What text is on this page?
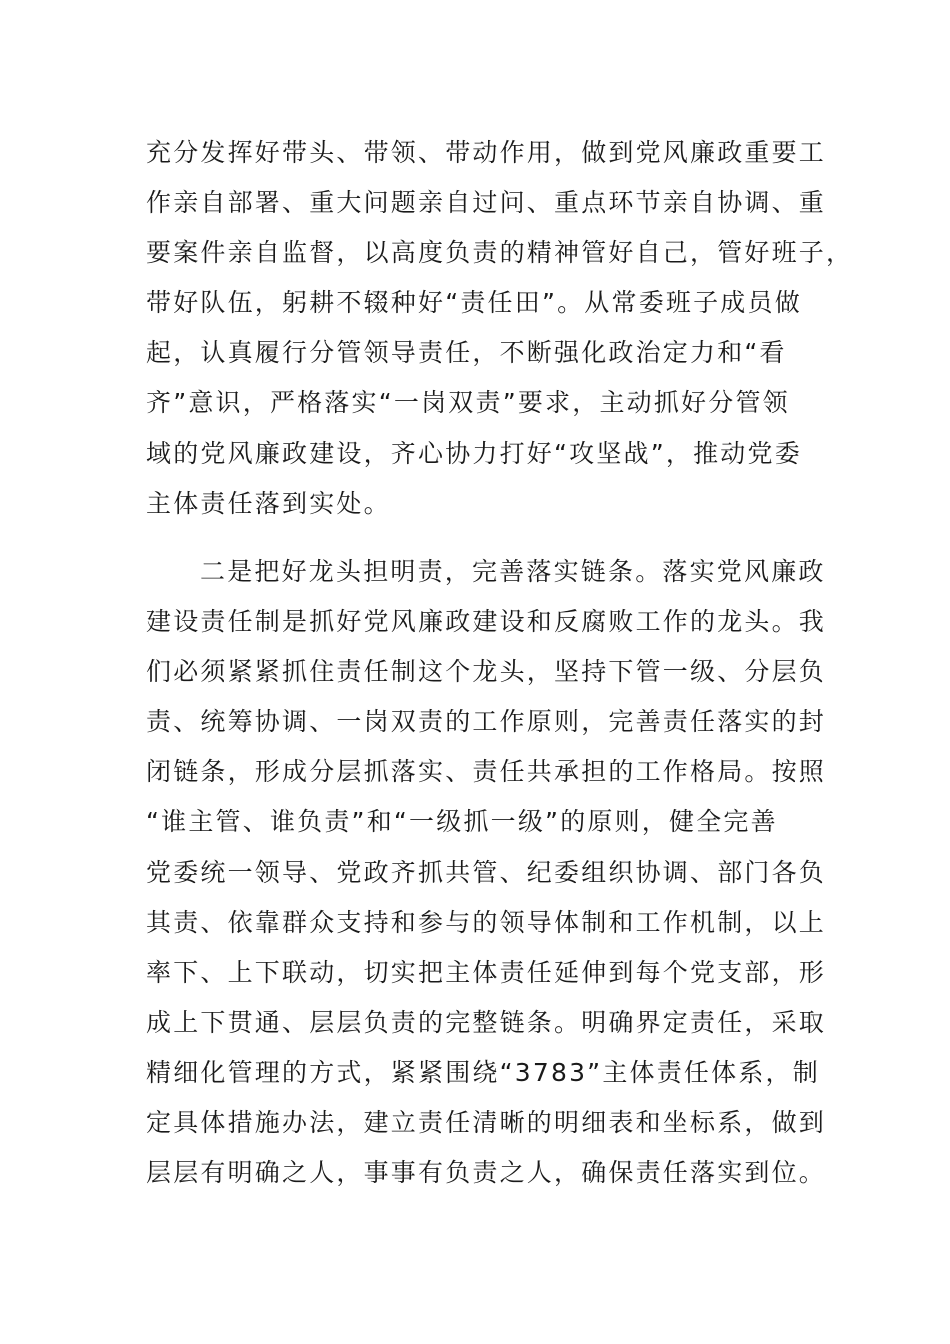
充分发挥好带头、带领、带动作用，做到党风廉政重要工
作亲自部署、重大问题亲自过问、重点环节亲自协调、重
要案件亲自监督，以高度负责的精神管好自己，管好班子，
带好队伍，躬耕不辍种好“责任田”。从常委班子成员做
起，认真履行分管领导责任，不断强化政治定力和“看
齐”意识，严格落实“一岗双责”要求，主动抓好分管领
域的党风廉政建设，齐心协力打好“攻坚战”，推动党委
主体责任落到实处。
二是把好龙头担明责，完善落实链条。落实党风廉政
建设责任制是抓好党风廉政建设和反腐败工作的龙头。我
们必须紧紧抓住责任制这个龙头，坚持下管一级、分层负
责、统筹协调、一岗双责的工作原则，完善责任落实的封
闭链条，形成分层抓落实、责任共承担的工作格局。按照
“谁主管、谁负责”和“一级抓一级”的原则，健全完善
党委统一领导、党政齐抓共管、纪委组织协调、部门各负
其责、依靠群众支持和参与的领导体制和工作机制，以上
率下、上下联动，切实把主体责任延伸到每个党支部，形
成上下贯通、层层负责的完整链条。明确界定责任，采取
精细化管理的方式，紧紧围绕“3783”主体责任体系，制
定具体措施办法，建立责任清晰的明细表和坐标系，做到
层层有明确之人，事事有负责之人，确保责任落实到位。
